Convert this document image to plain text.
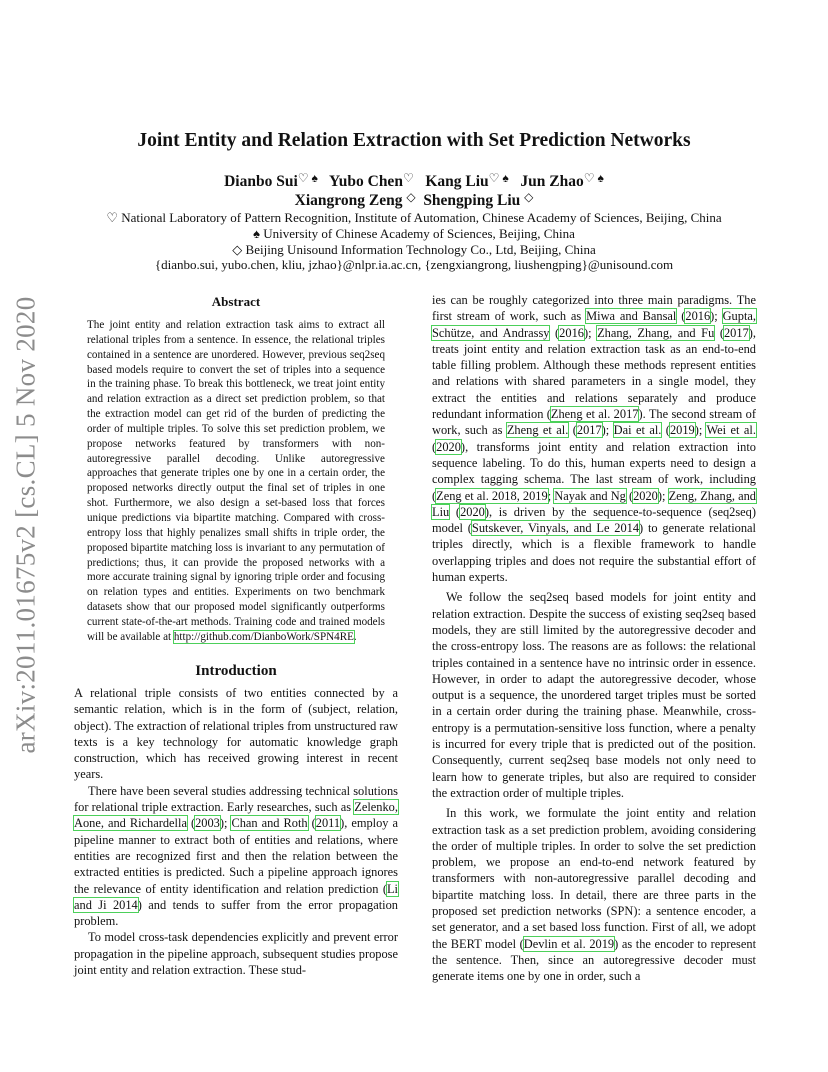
arXiv:2011.01675v2 [cs.CL] 5 Nov 2020
Joint Entity and Relation Extraction with Set Prediction Networks
Dianbo Sui♡ ♠ Yubo Chen♡ Kang Liu♡ ♠ Jun Zhao♡ ♠
Xiangrong Zeng ◇ Shengping Liu ◇
♡ National Laboratory of Pattern Recognition, Institute of Automation, Chinese Academy of Sciences, Beijing, China
♠ University of Chinese Academy of Sciences, Beijing, China
◇ Beijing Unisound Information Technology Co., Ltd, Beijing, China
{dianbo.sui, yubo.chen, kliu, jzhao}@nlpr.ia.ac.cn, {zengxiangrong, liushengping}@unisound.com
Abstract
The joint entity and relation extraction task aims to extract all relational triples from a sentence. In essence, the relational triples contained in a sentence are unordered. However, previous seq2seq based models require to convert the set of triples into a sequence in the training phase. To break this bottleneck, we treat joint entity and relation extraction as a direct set prediction problem, so that the extraction model can get rid of the burden of predicting the order of multiple triples. To solve this set prediction problem, we propose networks featured by transformers with non-autoregressive parallel decoding. Unlike autoregressive approaches that generate triples one by one in a certain order, the proposed networks directly output the final set of triples in one shot. Furthermore, we also design a set-based loss that forces unique predictions via bipartite matching. Compared with cross-entropy loss that highly penalizes small shifts in triple order, the proposed bipartite matching loss is invariant to any permutation of predictions; thus, it can provide the proposed networks with a more accurate training signal by ignoring triple order and focusing on relation types and entities. Experiments on two benchmark datasets show that our proposed model significantly outperforms current state-of-the-art methods. Training code and trained models will be available at http://github.com/DianboWork/SPN4RE.
Introduction

A relational triple consists of two entities connected by a semantic relation, which is in the form of (subject, relation, object). The extraction of relational triples from unstructured raw texts is a key technology for automatic knowledge graph construction, which has received growing interest in recent years.

There have been several studies addressing technical solutions for relational triple extraction. Early researches, such as Zelenko, Aone, and Richardella (2003); Chan and Roth (2011), employ a pipeline manner to extract both of entities and relations, where entities are recognized first and then the relation between the extracted entities is predicted. Such a pipeline approach ignores the relevance of entity identification and relation prediction (Li and Ji 2014) and tends to suffer from the error propagation problem.

To model cross-task dependencies explicitly and prevent error propagation in the pipeline approach, subsequent studies propose joint entity and relation extraction. These stud-

ies can be roughly categorized into three main paradigms. The first stream of work, such as Miwa and Bansal (2016); Gupta, Schütze, and Andrassy (2016); Zhang, Zhang, and Fu (2017), treats joint entity and relation extraction task as an end-to-end table filling problem. Although these methods represent entities and relations with shared parameters in a single model, they extract the entities and relations separately and produce redundant information (Zheng et al. 2017). The second stream of work, such as Zheng et al. (2017); Dai et al. (2019); Wei et al. (2020), transforms joint entity and relation extraction into sequence labeling. To do this, human experts need to design a complex tagging schema. The last stream of work, including (Zeng et al. 2018, 2019; Nayak and Ng (2020); Zeng, Zhang, and Liu (2020), is driven by the sequence-to-sequence (seq2seq) model (Sutskever, Vinyals, and Le 2014) to generate relational triples directly, which is a flexible framework to handle overlapping triples and does not require the substantial effort of human experts.

We follow the seq2seq based models for joint entity and relation extraction. Despite the success of existing seq2seq based models, they are still limited by the autoregressive decoder and the cross-entropy loss. The reasons are as follows: the relational triples contained in a sentence have no intrinsic order in essence. However, in order to adapt the autoregressive decoder, whose output is a sequence, the unordered target triples must be sorted in a certain order during the training phase. Meanwhile, cross-entropy is a permutation-sensitive loss function, where a penalty is incurred for every triple that is predicted out of the position. Consequently, current seq2seq base models not only need to learn how to generate triples, but also are required to consider the extraction order of multiple triples.

In this work, we formulate the joint entity and relation extraction task as a set prediction problem, avoiding considering the order of multiple triples. In order to solve the set prediction problem, we propose an end-to-end network featured by transformers with non-autoregressive parallel decoding and bipartite matching loss. In detail, there are three parts in the proposed set prediction networks (SPN): a sentence encoder, a set generator, and a set based loss function. First of all, we adopt the BERT model (Devlin et al. 2019) as the encoder to represent the sentence. Then, since an autoregressive decoder must generate items one by one in order, such a
